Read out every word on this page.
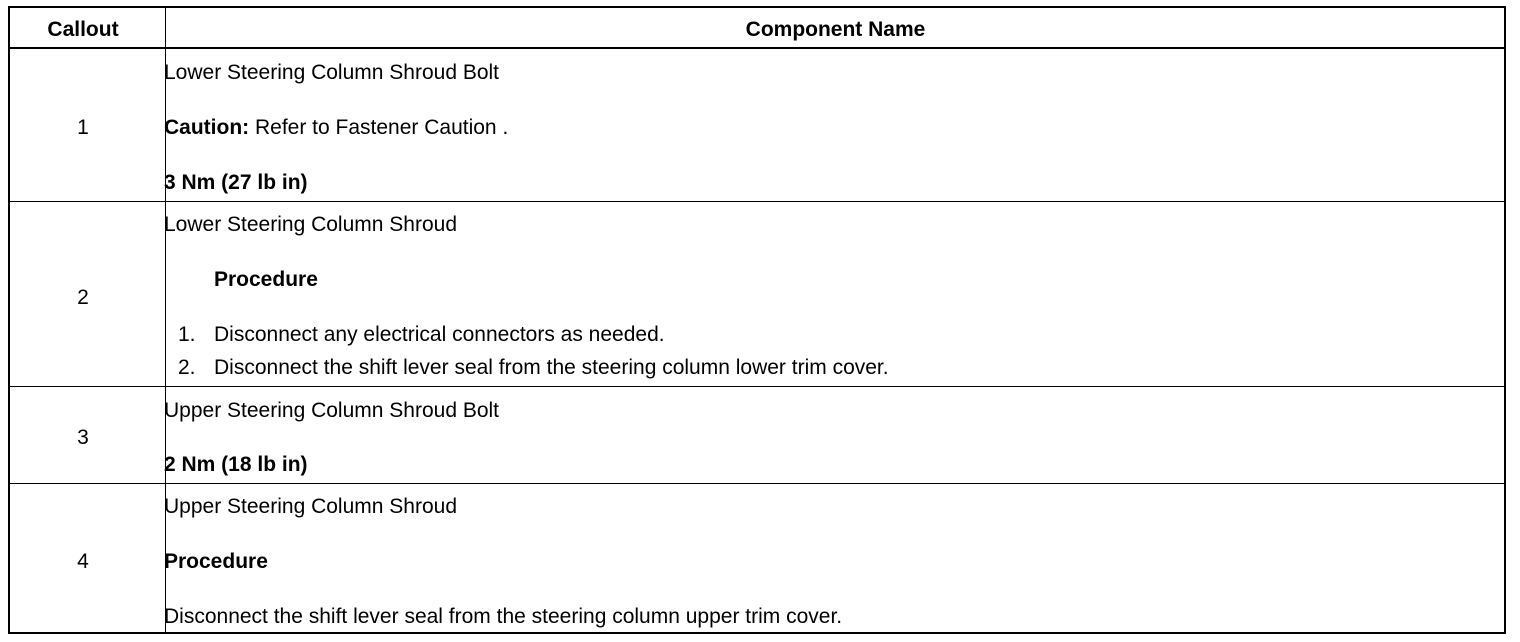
Callout	Component Name
1
Lower Steering Column Shroud Bolt
Caution: Refer to Fastener Caution .
3 Nm (27 lb in)
2
Lower Steering Column Shroud
Procedure
1. Disconnect any electrical connectors as needed.
2. Disconnect the shift lever seal from the steering column lower trim cover.
3
Upper Steering Column Shroud Bolt
2 Nm (18 lb in)
4
Upper Steering Column Shroud
Procedure
Disconnect the shift lever seal from the steering column upper trim cover.
